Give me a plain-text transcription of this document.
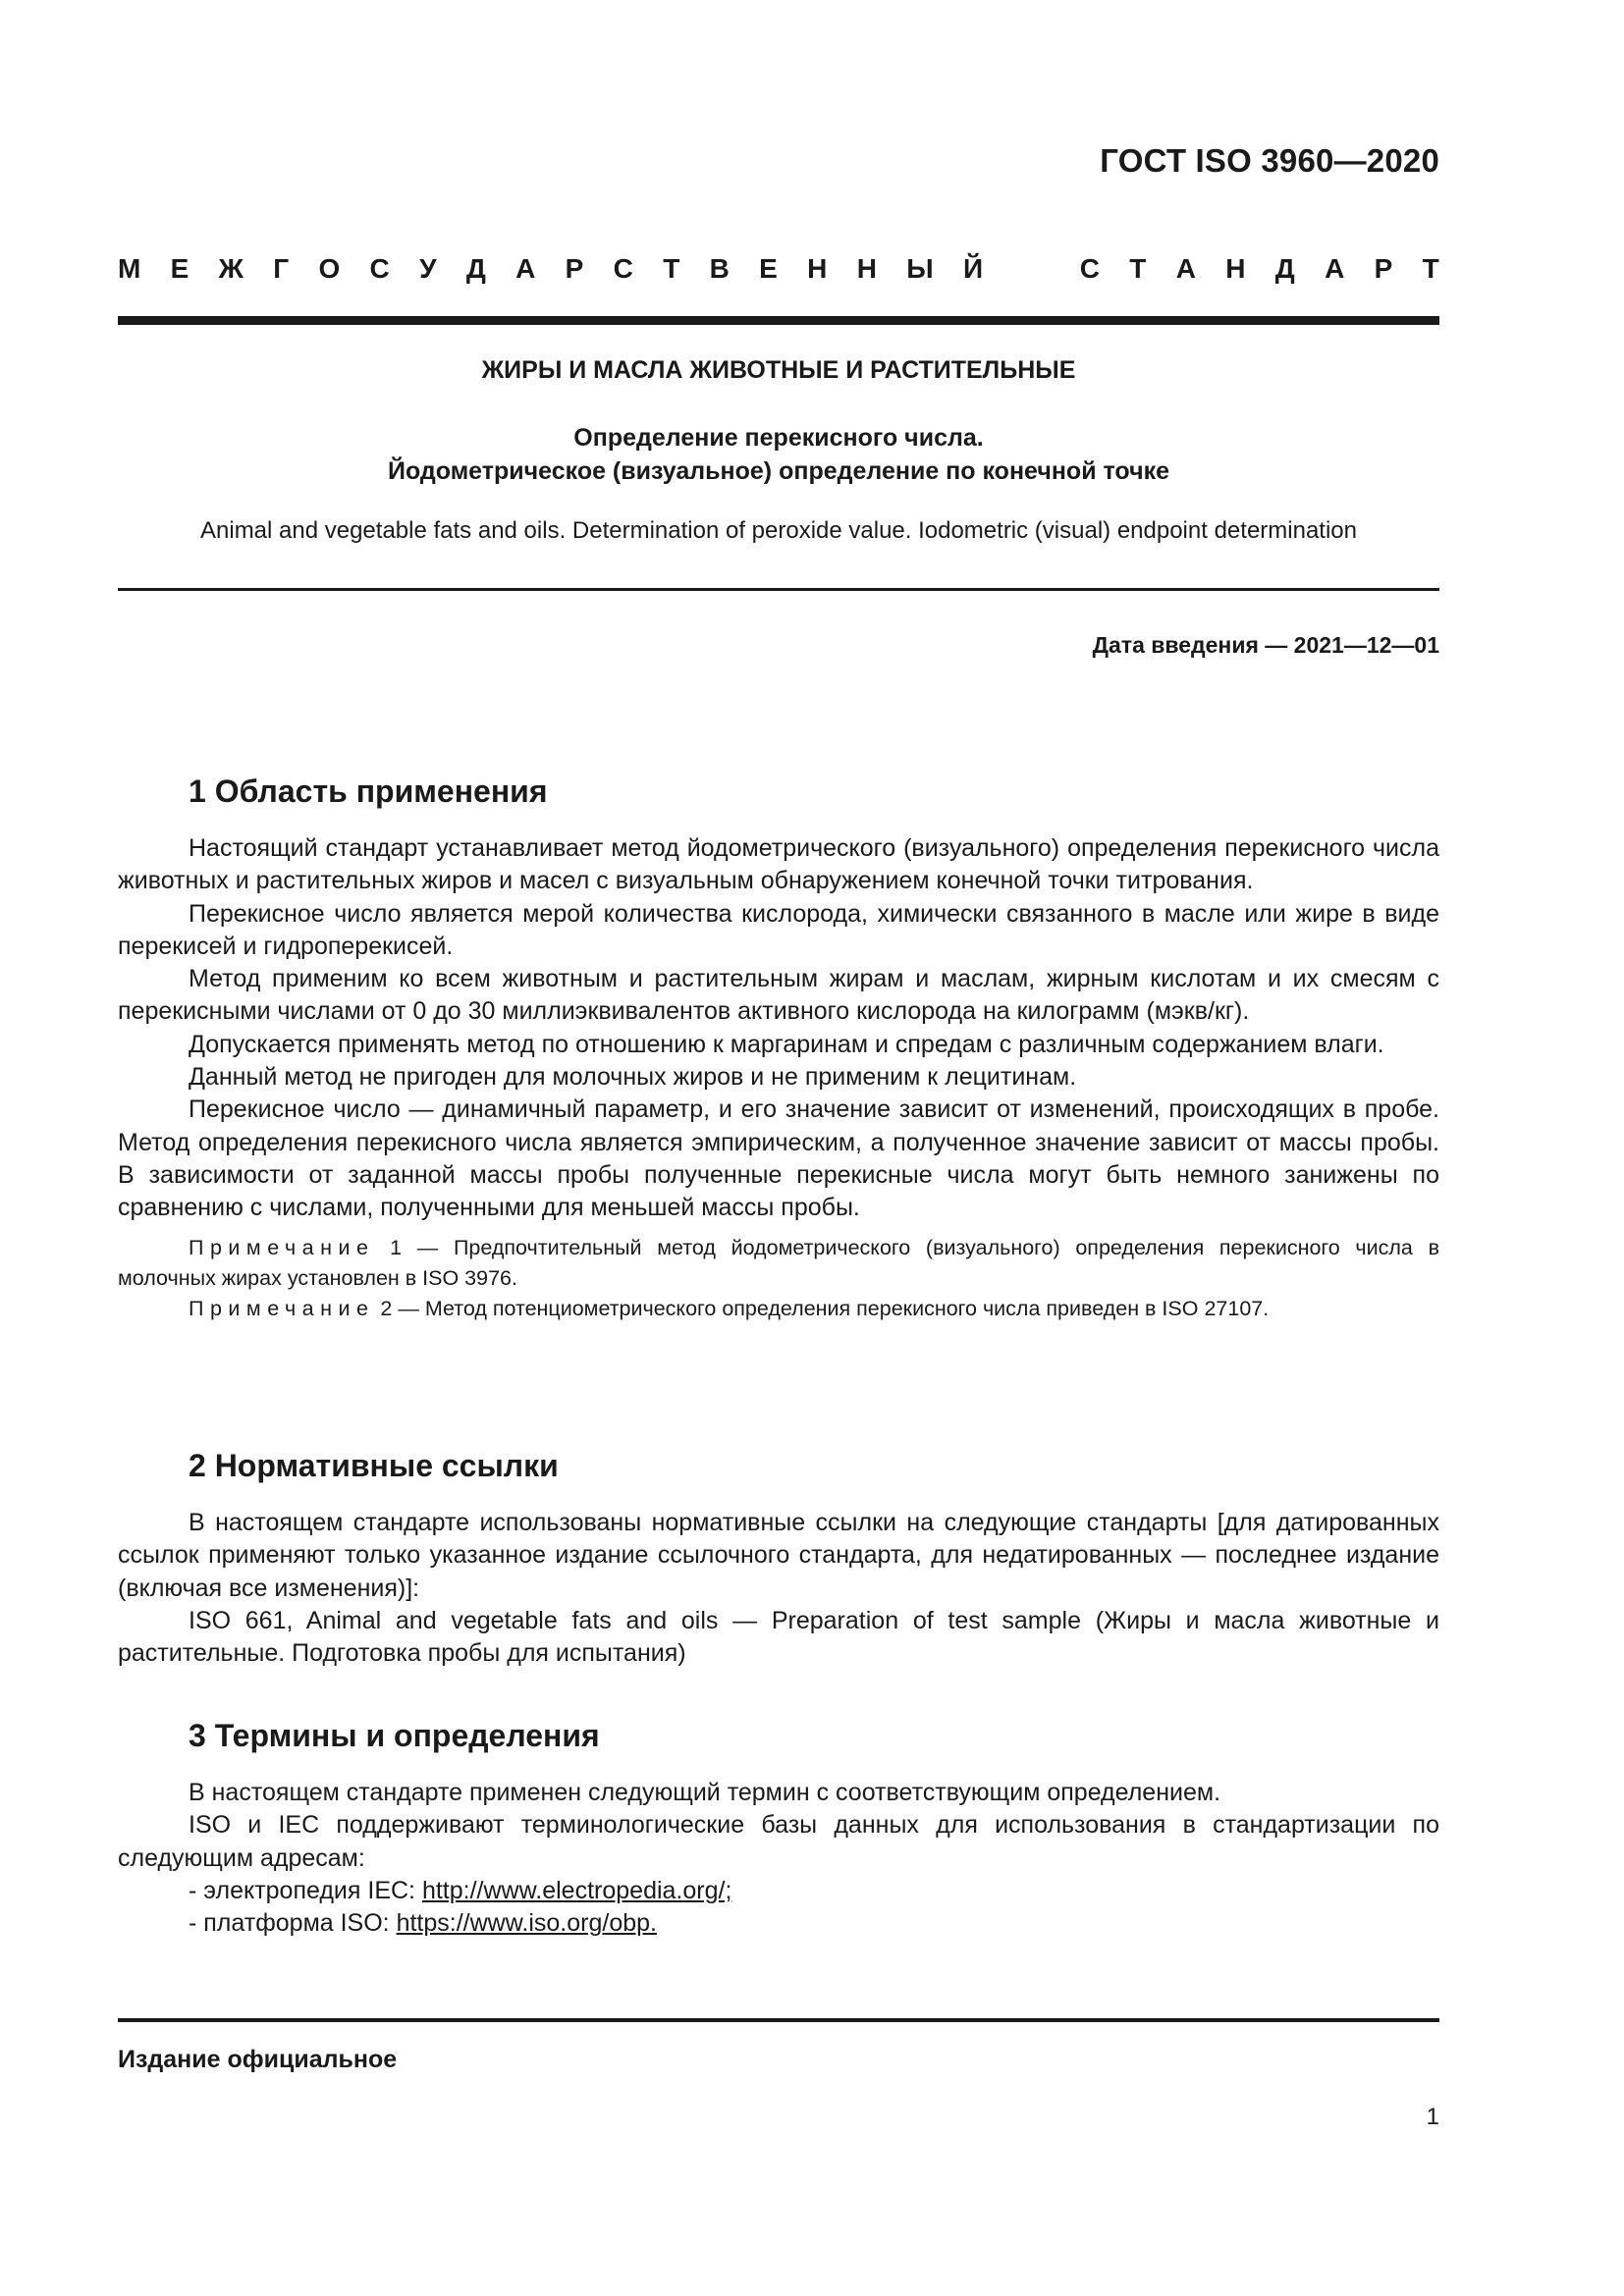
ГОСТ ISO 3960—2020
М Е Ж Г О С У Д А Р С Т В Е Н Н Ы Й	С Т А Н Д А Р Т
ЖИРЫ И МАСЛА ЖИВОТНЫЕ И РАСТИТЕЛЬНЫЕ
Определение перекисного числа.
Йодометрическое (визуальное) определение по конечной точке
Animal and vegetable fats and oils. Determination of peroxide value. Iodometric (visual) endpoint determination
Дата введения — 2021—12—01
1 Область применения

Настоящий стандарт устанавливает метод йодометрического (визуального) определения перекисного числа животных и растительных жиров и масел с визуальным обнаружением конечной точки титрования.

Перекисное число является мерой количества кислорода, химически связанного в масле или жире в виде перекисей и гидроперекисей.

Метод применим ко всем животным и растительным жирам и маслам, жирным кислотам и их смесям с перекисными числами от 0 до 30 миллиэквивалентов активного кислорода на килограмм (мэкв/кг).

Допускается применять метод по отношению к маргаринам и спредам с различным содержанием влаги.

Данный метод не пригоден для молочных жиров и не применим к лецитинам.

Перекисное число — динамичный параметр, и его значение зависит от изменений, происходящих в пробе. Метод определения перекисного числа является эмпирическим, а полученное значение зависит от массы пробы. В зависимости от заданной массы пробы полученные перекисные числа могут быть немного занижены по сравнению с числами, полученными для меньшей массы пробы.

Примечание 1 — Предпочтительный метод йодометрического (визуального) определения перекисного числа в молочных жирах установлен в ISO 3976.

Примечание 2 — Метод потенциометрического определения перекисного числа приведен в ISO 27107.

2 Нормативные ссылки

В настоящем стандарте использованы нормативные ссылки на следующие стандарты [для датированных ссылок применяют только указанное издание ссылочного стандарта, для недатированных — последнее издание (включая все изменения)]:

ISO 661, Animal and vegetable fats and oils — Preparation of test sample (Жиры и масла животные и растительные. Подготовка пробы для испытания)

3 Термины и определения

В настоящем стандарте применен следующий термин с соответствующим определением.

ISO и IEC поддерживают терминологические базы данных для использования в стандартизации по следующим адресам:

- электропедия IEC: http://www.electropedia.org/;

- платформа ISO: https://www.iso.org/obp.

Издание официальное
1
